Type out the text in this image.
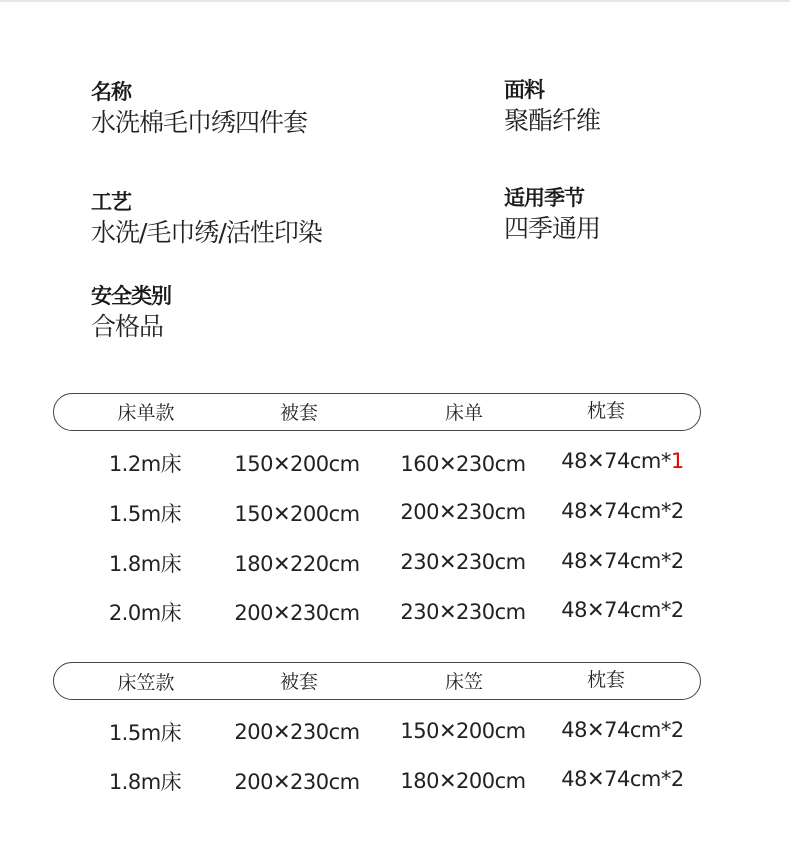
名称
水洗棉毛巾绣四件套
面料
聚酯纤维
工艺
水洗/毛巾绣/活性印染
适用季节
四季通用
安全类别
合格品
床单款	被套	床单	枕套
1.2m床	150✕200cm	160✕230cm	48✕74cm*1
1.5m床	150✕200cm	200✕230cm	48✕74cm*2
1.8m床	180✕220cm	230✕230cm	48✕74cm*2
2.0m床	200✕230cm	230✕230cm	48✕74cm*2
床笠款	被套	床笠	枕套
1.5m床	200✕230cm	150✕200cm	48✕74cm*2
1.8m床	200✕230cm	180✕200cm	48✕74cm*2
